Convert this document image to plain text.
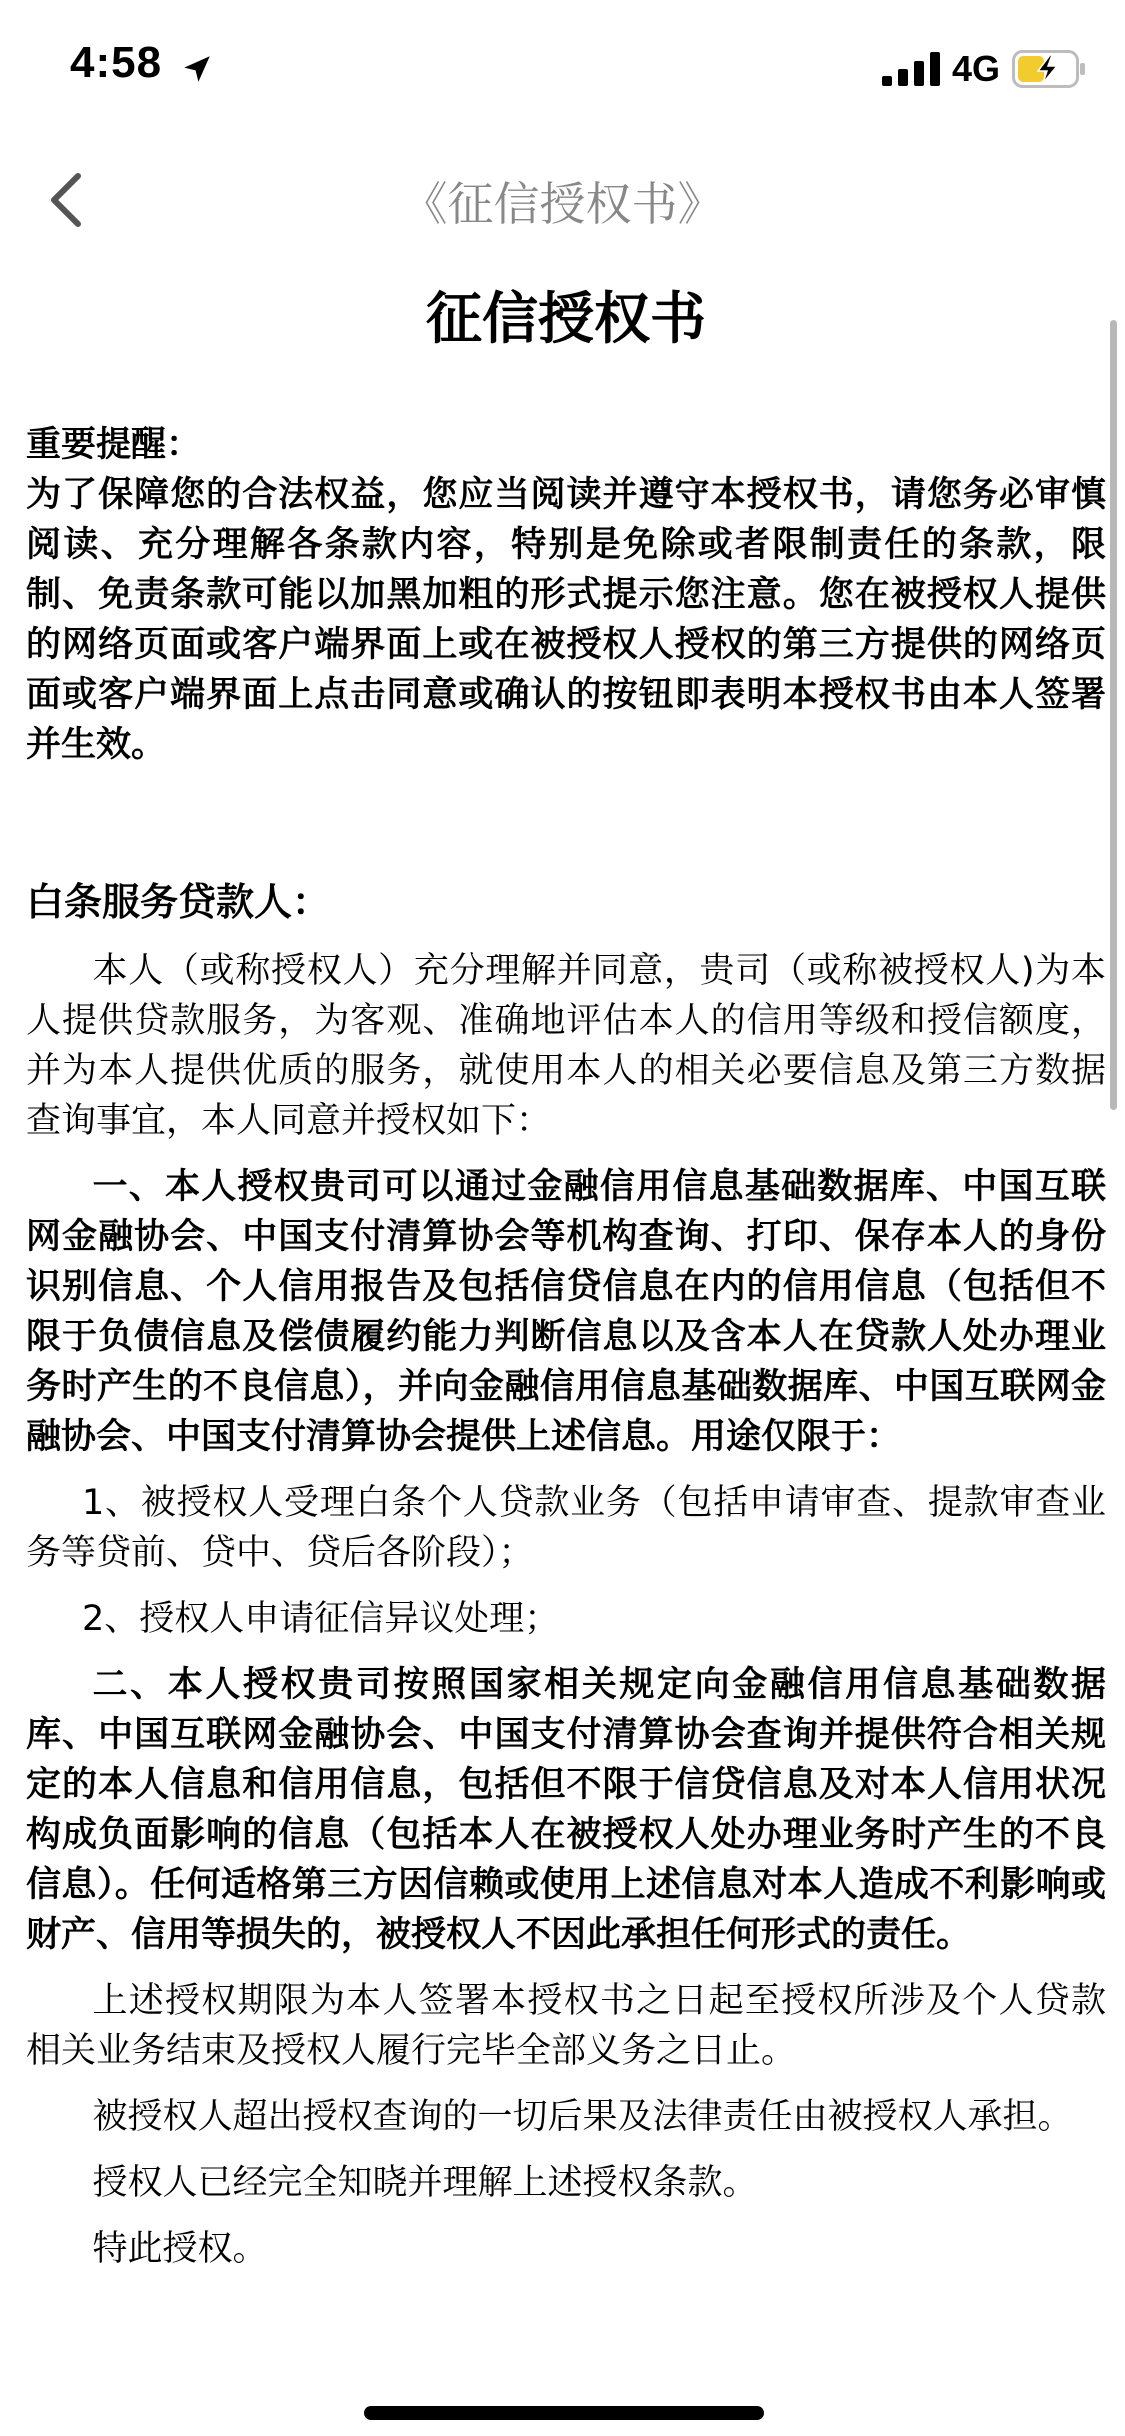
4:58	4G
《征信授权书》
征信授权书

重要提醒：

为了保障您的合法权益，您应当阅读并遵守本授权书，请您务必审慎阅读、充分理解各条款内容，特别是免除或者限制责任的条款，限制、免责条款可能以加黑加粗的形式提示您注意。您在被授权人提供的网络页面或客户端界面上或在被授权人授权的第三方提供的网络页面或客户端界面上点击同意或确认的按钮即表明本授权书由本人签署并生效。

白条服务贷款人：

本人（或称授权人）充分理解并同意，贵司（或称被授权人)为本人提供贷款服务，为客观、准确地评估本人的信用等级和授信额度，并为本人提供优质的服务，就使用本人的相关必要信息及第三方数据查询事宜，本人同意并授权如下：

一、本人授权贵司可以通过金融信用信息基础数据库、中国互联网金融协会、中国支付清算协会等机构查询、打印、保存本人的身份识别信息、个人信用报告及包括信贷信息在内的信用信息（包括但不限于负债信息及偿债履约能力判断信息以及含本人在贷款人处办理业务时产生的不良信息），并向金融信用信息基础数据库、中国互联网金融协会、中国支付清算协会提供上述信息。用途仅限于：

1、被授权人受理白条个人贷款业务（包括申请审查、提款审查业务等贷前、贷中、贷后各阶段）；

2、授权人申请征信异议处理；

二、本人授权贵司按照国家相关规定向金融信用信息基础数据库、中国互联网金融协会、中国支付清算协会查询并提供符合相关规定的本人信息和信用信息，包括但不限于信贷信息及对本人信用状况构成负面影响的信息（包括本人在被授权人处办理业务时产生的不良信息）。任何适格第三方因信赖或使用上述信息对本人造成不利影响或财产、信用等损失的，被授权人不因此承担任何形式的责任。

上述授权期限为本人签署本授权书之日起至授权所涉及个人贷款相关业务结束及授权人履行完毕全部义务之日止。

被授权人超出授权查询的一切后果及法律责任由被授权人承担。

授权人已经完全知晓并理解上述授权条款。

特此授权。
